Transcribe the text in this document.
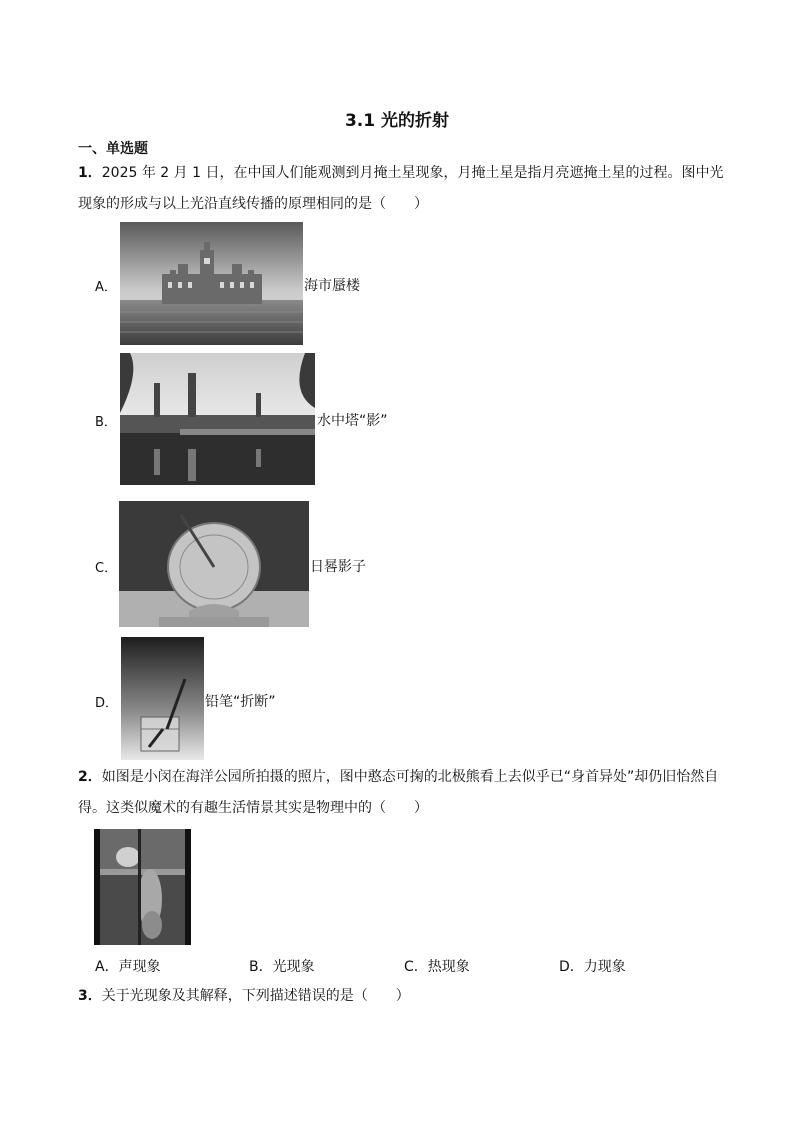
3.1 光的折射
一、单选题
1．2025 年 2 月 1 日，在中国人们能观测到月掩土星现象，月掩土星是指月亮遮掩土星的过程。图中光现象的形成与以上光沿直线传播的原理相同的是（　　）
A．	海市蜃楼
B．	水中塔“影”
C．	日晷影子
D．	铅笔“折断”
2．如图是小闵在海洋公园所拍摄的照片，图中憨态可掬的北极熊看上去似乎已“身首异处”却仍旧怡然自得。这类似魔术的有趣生活情景其实是物理中的（　　）
A．声现象	B．光现象	C．热现象	D．力现象
3．关于光现象及其解释，下列描述错误的是（　　）
